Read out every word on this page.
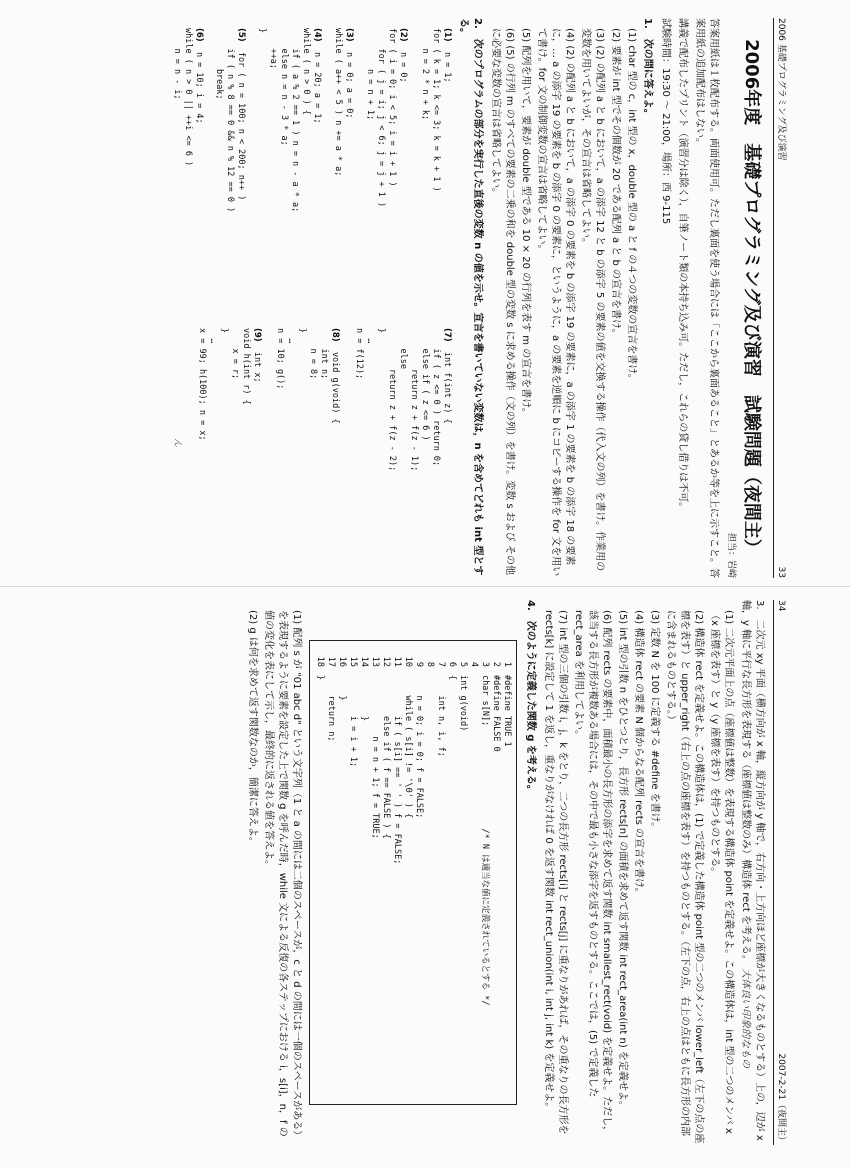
2006 基礎プログラミング及び演習
33
2006年度　基礎プログラミング及び演習　試験問題（夜間主）
担当：岩崎

答案用紙は１枚配布する。両面使用可。ただし裏面を使う場合には「ここから裏面あること」とあるか等を上に示すこと。答案用紙の追加配布はしない。

講義で配布したプリント（演習分は除く），自筆ノート類の本持ち込み可。ただし，これらの貸し借りは不可。

試験時間：19:30 ～ 21:00，場所：西 9-115

1.　次の問に答えよ。
(1) char 型の c，int 型の x，double 型の a と f の４つの変数の宣言を書け。
(2) 要素が int 型でその個数が 20 である配列 a と b の宣言を書け。
(3) (2) の配列 a と b において，a の添字 12 と b の添字 5 の要素の値を交換する操作（代入文の列）を書け。作業用の変数を用いてよいが，その宣言は省略してよい。
(4) (2) の配列 a と b において，a の添字 0 の要素を b の添字 19 の要素に，a の添字 1 の要素を b の添字 18 の要素に，… a の添字 19 の要素を b の添字 0 の要素に，というように，a の要素を逆順に b にコピーする操作を for 文を用いて書け。for 文の制御変数の宣言は省略してよい。
(5) 配列を用いて，要素が double 型である 10 × 20 の行列を表す m の宣言を書け。
(6) (5) の行列 m のすべての要素の二乗の和を double 型の変数 s に求める操作（文の列）を書け。変数 s および その他に必要な変数の宣言は省略してよい。
2.　次のプログラムの部分を実行した直後の変数 n の値を示せ。宣言を書いていない変数は，n を含めてどれも int 型とする。
(1)  n = 1;
for ( k = 1; k <= 3; k = k + 1 )
n = 2 * n + k;
(2)  n = 0;
for ( i = 0; i < 5; i = i + 1 )
for ( j = i; j < 6; j = j + 1 )
n = n + 1;
(3)  n = 0; a = 0;
while ( a++ < 5 ) n += a * a;
(4)  n = 20; a = 1;
while ( n > 0 ) {
if ( a % 2 == 1 ) n = n - a * a;
else n = n - 3 * a;
++a;
}
(5)  for ( n = 100; n < 200; n++ )
if ( n % 8 == 0 && n % 12 == 0 )
break;
(6)  n = 10; i = 4;
while ( n > 0 || ++i <= 6 )
n = n - i;
(7)  int f(int z) {
if ( z <= 0 ) return 0;
else if ( z <= 6 )
return z + f(z - 1);
else
return z + f(z - 2);
}
…
n = f(12);
(8)  void g(void) {
int n;
n = 8;
}
…
n = 10; g();
(9)  int x;
void h(int r) {
x = r;
}
…
x = 99; h(100); n = x;
ん
34
2007-2-21（夜間主）

3.　二次元 xy 平面（横方向が x 軸，縦方向が y 軸で，右方向・上方向ほど座標が大きくなるものとする）上の，辺が x 軸，y 軸に平行な長方形を表現する（座標値は整数のみ）構造体 rect を考える。 大体良い印象的なもの

(1) 二次元平面上の点（座標値は整数）を表現する構造体 point を定義せよ。この構造体は，int 型の二つのメンバ x（x 座標を表す）と y（y 座標を表す）を持つものとする。
(2) 構造体 rect を定義せよ。この構造体は，(1) で定義した構造体 point 型の二つのメンバ lower_left（左下の点の座標を表す）と upper_right（右上の点の座標を表す）を持つものとする。（左下の点，右上の点はともに長方形の内部に含まれるものとする。）
(3) 定数 N を 100 に定義する #define を書け。
(4) 構造体 rect の要素 N 個からなる配列 rects の宣言を書け。
(5) int 型の引数 n をひとつとり，長方形 rects[n] の面積を求めて返す関数 int rect_area(int n) を定義せよ。
(6) 配列 rects の要素中，面積最小の長方形の添字を求めて返す関数 int smallest_rect(void) を定義せよ。ただし，該当する長方形が複数ある場合には，その中で最も小さな添字を返すものとする。ここでは，(5) で定義した rect_area を利用してよい。
(7) int 型の三個の引数 i，j，k をとり，二つの長方形 rects[i] と rects[j] に重なりがあれば，その重なりの長方形を rects[k] に設定して 1 を返し，重なりがなければ 0 を返す関数 int rect_union(int i, int j, int k) を定義せよ。
4.　次のように定義した関数 g を考える。
1#define TRUE 1
2#define FALSE 0
3char s[N];                    /* N は適当な値に定義されているとする */
4
5int g(void)
6{
7    int n, i, f;
8
9    n = 0; i = 0; f = FALSE;
10    while ( s[i] != '\0' ) {
11        if ( s[i] == ' ' ) f = FALSE;
12        else if ( f == FALSE ) {
13            n = n + 1; f = TRUE;
14        }
15        i = i + 1;
16    }
17    return n;
18}
(1) 配列 s が "01 abc d" という文字列（1 と a の間には二個のスペースが，c と d の間には一個のスペースがある）を表現するように要素を設定した上で関数 g を呼んだ時，while 文による反復の各ステップにおける i，s[i]，n，f の値の変化を表にして示し，最終的に返される値を答えよ。
(2) g は何を求めて返す関数なのか，簡潔に答えよ。
